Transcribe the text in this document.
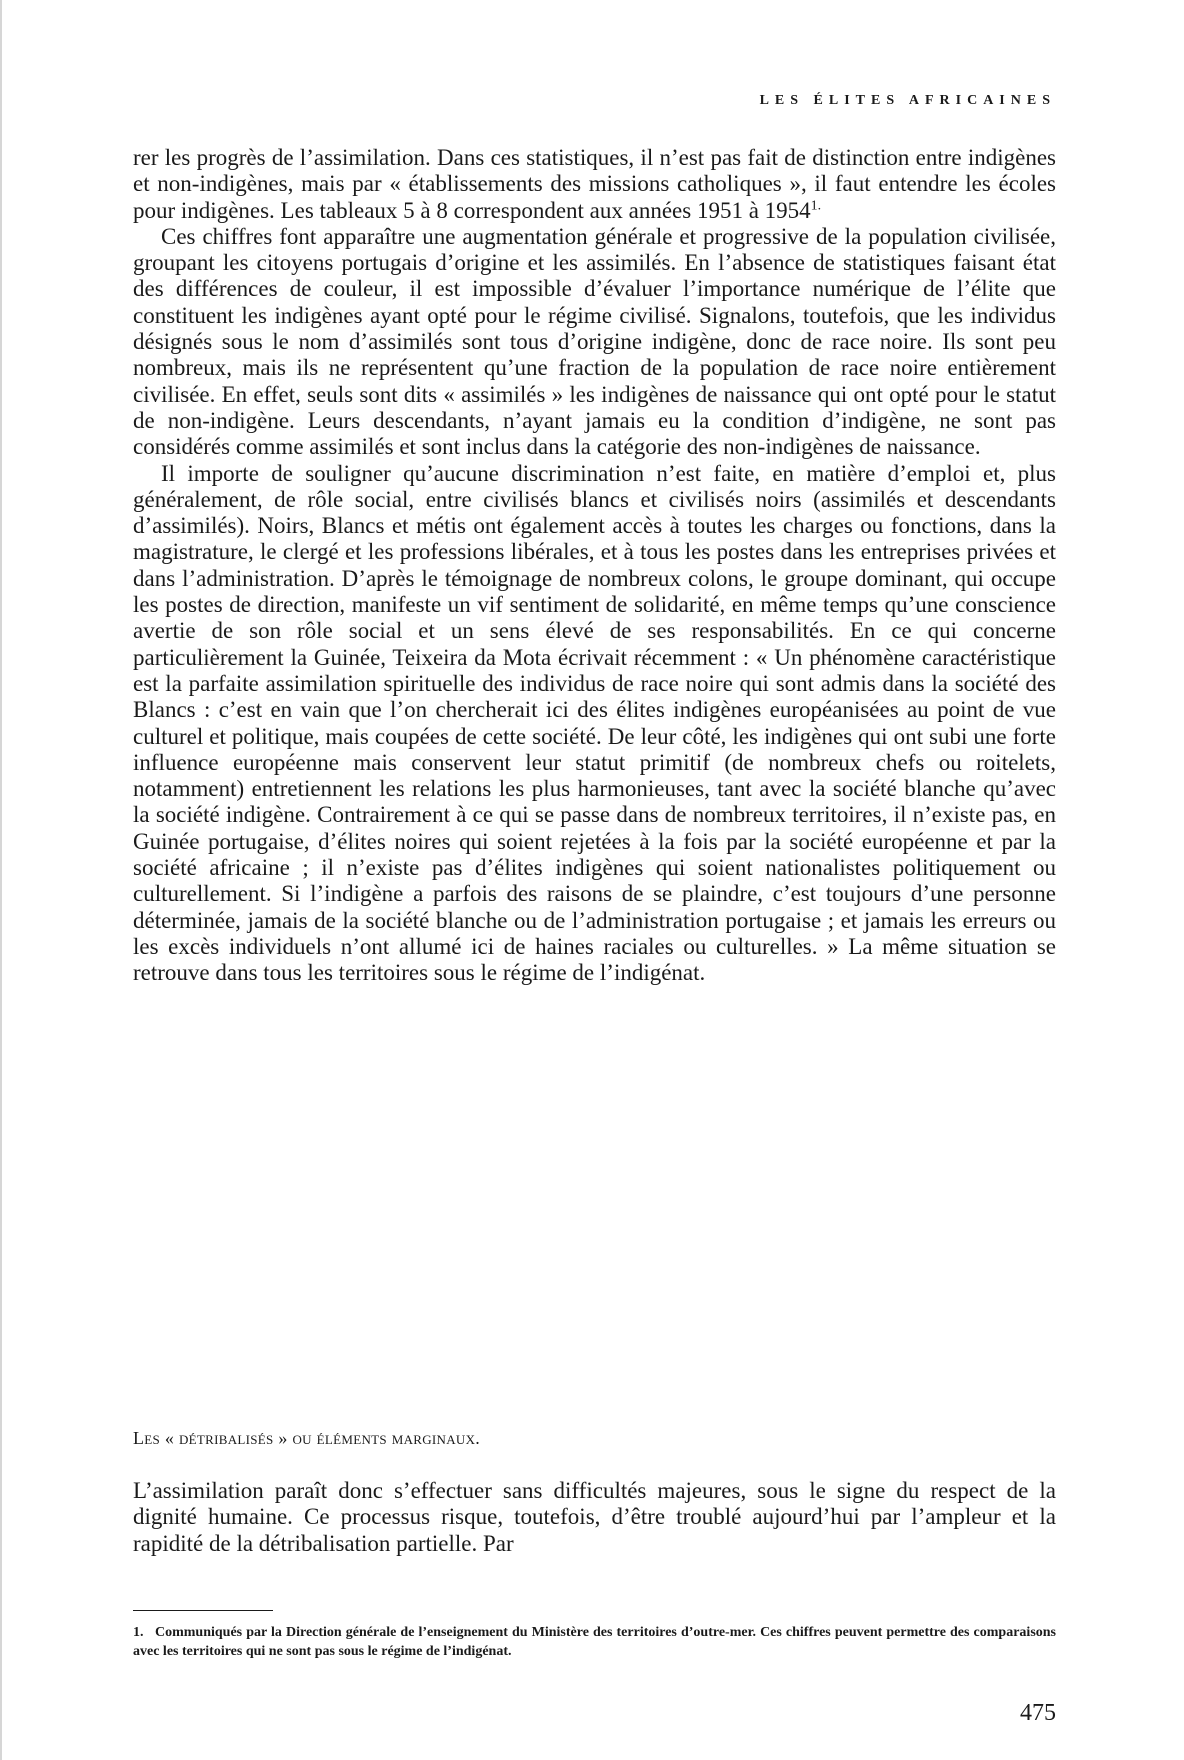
LES ÉLITES AFRICAINES

rer les progrès de l’assimilation. Dans ces statistiques, il n’est pas fait de distinction entre indigènes et non-indigènes, mais par « établissements des missions catholiques », il faut entendre les écoles pour indigènes. Les tableaux 5 à 8 correspondent aux années 1951 à 1954$^{1.}$

Ces chiffres font apparaître une augmentation générale et progressive de la population civilisée, groupant les citoyens portugais d’origine et les assimilés. En l’absence de statistiques faisant état des différences de couleur, il est impossible d’évaluer l’importance numérique de l’élite que constituent les indigènes ayant opté pour le régime civilisé. Signalons, toutefois, que les individus désignés sous le nom d’assimilés sont tous d’origine indigène, donc de race noire. Ils sont peu nombreux, mais ils ne représentent qu’une fraction de la population de race noire entièrement civilisée. En effet, seuls sont dits « assimilés » les indigènes de naissance qui ont opté pour le statut de non-indigène. Leurs descendants, n’ayant jamais eu la condition d’indigène, ne sont pas considérés comme assimilés et sont inclus dans la catégorie des non-indigènes de naissance.

Il importe de souligner qu’aucune discrimination n’est faite, en matière d’emploi et, plus généralement, de rôle social, entre civilisés blancs et civilisés noirs (assimilés et descendants d’assimilés). Noirs, Blancs et métis ont également accès à toutes les charges ou fonctions, dans la magistrature, le clergé et les professions libérales, et à tous les postes dans les entreprises privées et dans l’administration. D’après le témoignage de nombreux colons, le groupe dominant, qui occupe les postes de direction, manifeste un vif sentiment de solidarité, en même temps qu’une conscience avertie de son rôle social et un sens élevé de ses responsabilités. En ce qui concerne particulièrement la Guinée, Teixeira da Mota écrivait récemment : « Un phénomène caractéristique est la parfaite assimilation spirituelle des individus de race noire qui sont admis dans la société des Blancs : c’est en vain que l’on chercherait ici des élites indigènes européanisées au point de vue culturel et politique, mais coupées de cette société. De leur côté, les indigènes qui ont subi une forte influence européenne mais conservent leur statut primitif (de nombreux chefs ou roitelets, notamment) entretiennent les relations les plus harmonieuses, tant avec la société blanche qu’avec la société indigène. Contrairement à ce qui se passe dans de nombreux territoires, il n’existe pas, en Guinée portugaise, d’élites noires qui soient rejetées à la fois par la société européenne et par la société africaine ; il n’existe pas d’élites indigènes qui soient nationalistes politiquement ou culturellement. Si l’indigène a parfois des raisons de se plaindre, c’est toujours d’une personne déterminée, jamais de la société blanche ou de l’administration portugaise ; et jamais les erreurs ou les excès individuels n’ont allumé ici de haines raciales ou culturelles. » La même situation se retrouve dans tous les territoires sous le régime de l’indigénat.

Les « détribalisés » ou éléments marginaux.

L’assimilation paraît donc s’effectuer sans difficultés majeures, sous le signe du respect de la dignité humaine. Ce processus risque, toutefois, d’être troublé aujourd’hui par l’ampleur et la rapidité de la détribalisation partielle. Par

1. Communiqués par la Direction générale de l’enseignement du Ministère des territoires d’outre-mer. Ces chiffres peuvent permettre des comparaisons avec les territoires qui ne sont pas sous le régime de l’indigénat.
475
